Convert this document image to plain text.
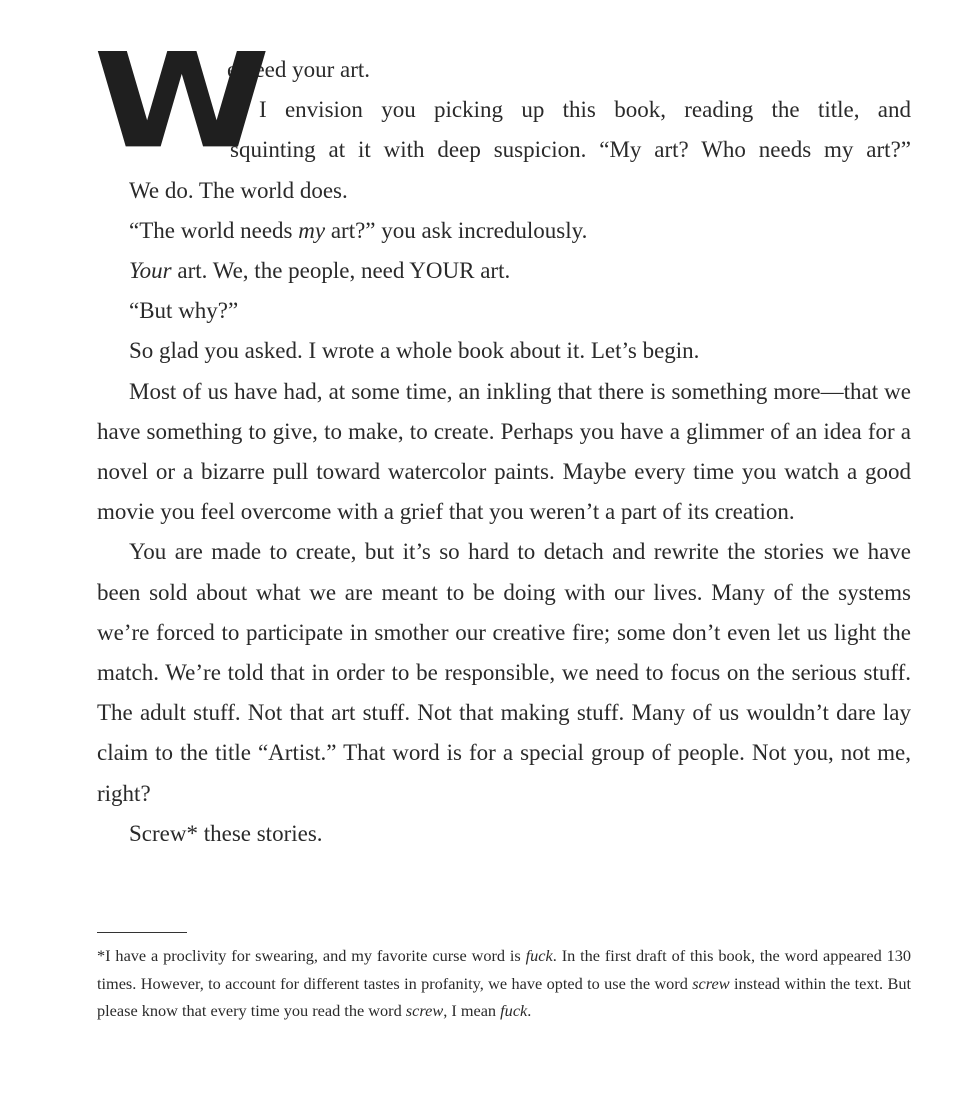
W
e need your art.
I envision you picking up this book, reading the title, and
squinting at it with deep suspicion. “My art? Who needs my art?”

We do. The world does.

“The world needs my art?” you ask incredulously.

Your art. We, the people, need YOUR art.

“But why?”

So glad you asked. I wrote a whole book about it. Let’s begin.

Most of us have had, at some time, an inkling that there is something more—that we have something to give, to make, to create. Perhaps you have a glimmer of an idea for a novel or a bizarre pull toward watercolor paints. Maybe every time you watch a good movie you feel overcome with a grief that you weren’t a part of its creation.

You are made to create, but it’s so hard to detach and rewrite the stories we have been sold about what we are meant to be doing with our lives. Many of the systems we’re forced to participate in smother our creative fire; some don’t even let us light the match. We’re told that in order to be responsible, we need to focus on the serious stuff. The adult stuff. Not that art stuff. Not that making stuff. Many of us wouldn’t dare lay claim to the title “Artist.” That word is for a special group of people. Not you, not me, right?

Screw* these stories.

*I have a proclivity for swearing, and my favorite curse word is fuck. In the first draft of this book, the word appeared 130 times. However, to account for different tastes in profanity, we have opted to use the word screw instead within the text. But please know that every time you read the word screw, I mean fuck.
